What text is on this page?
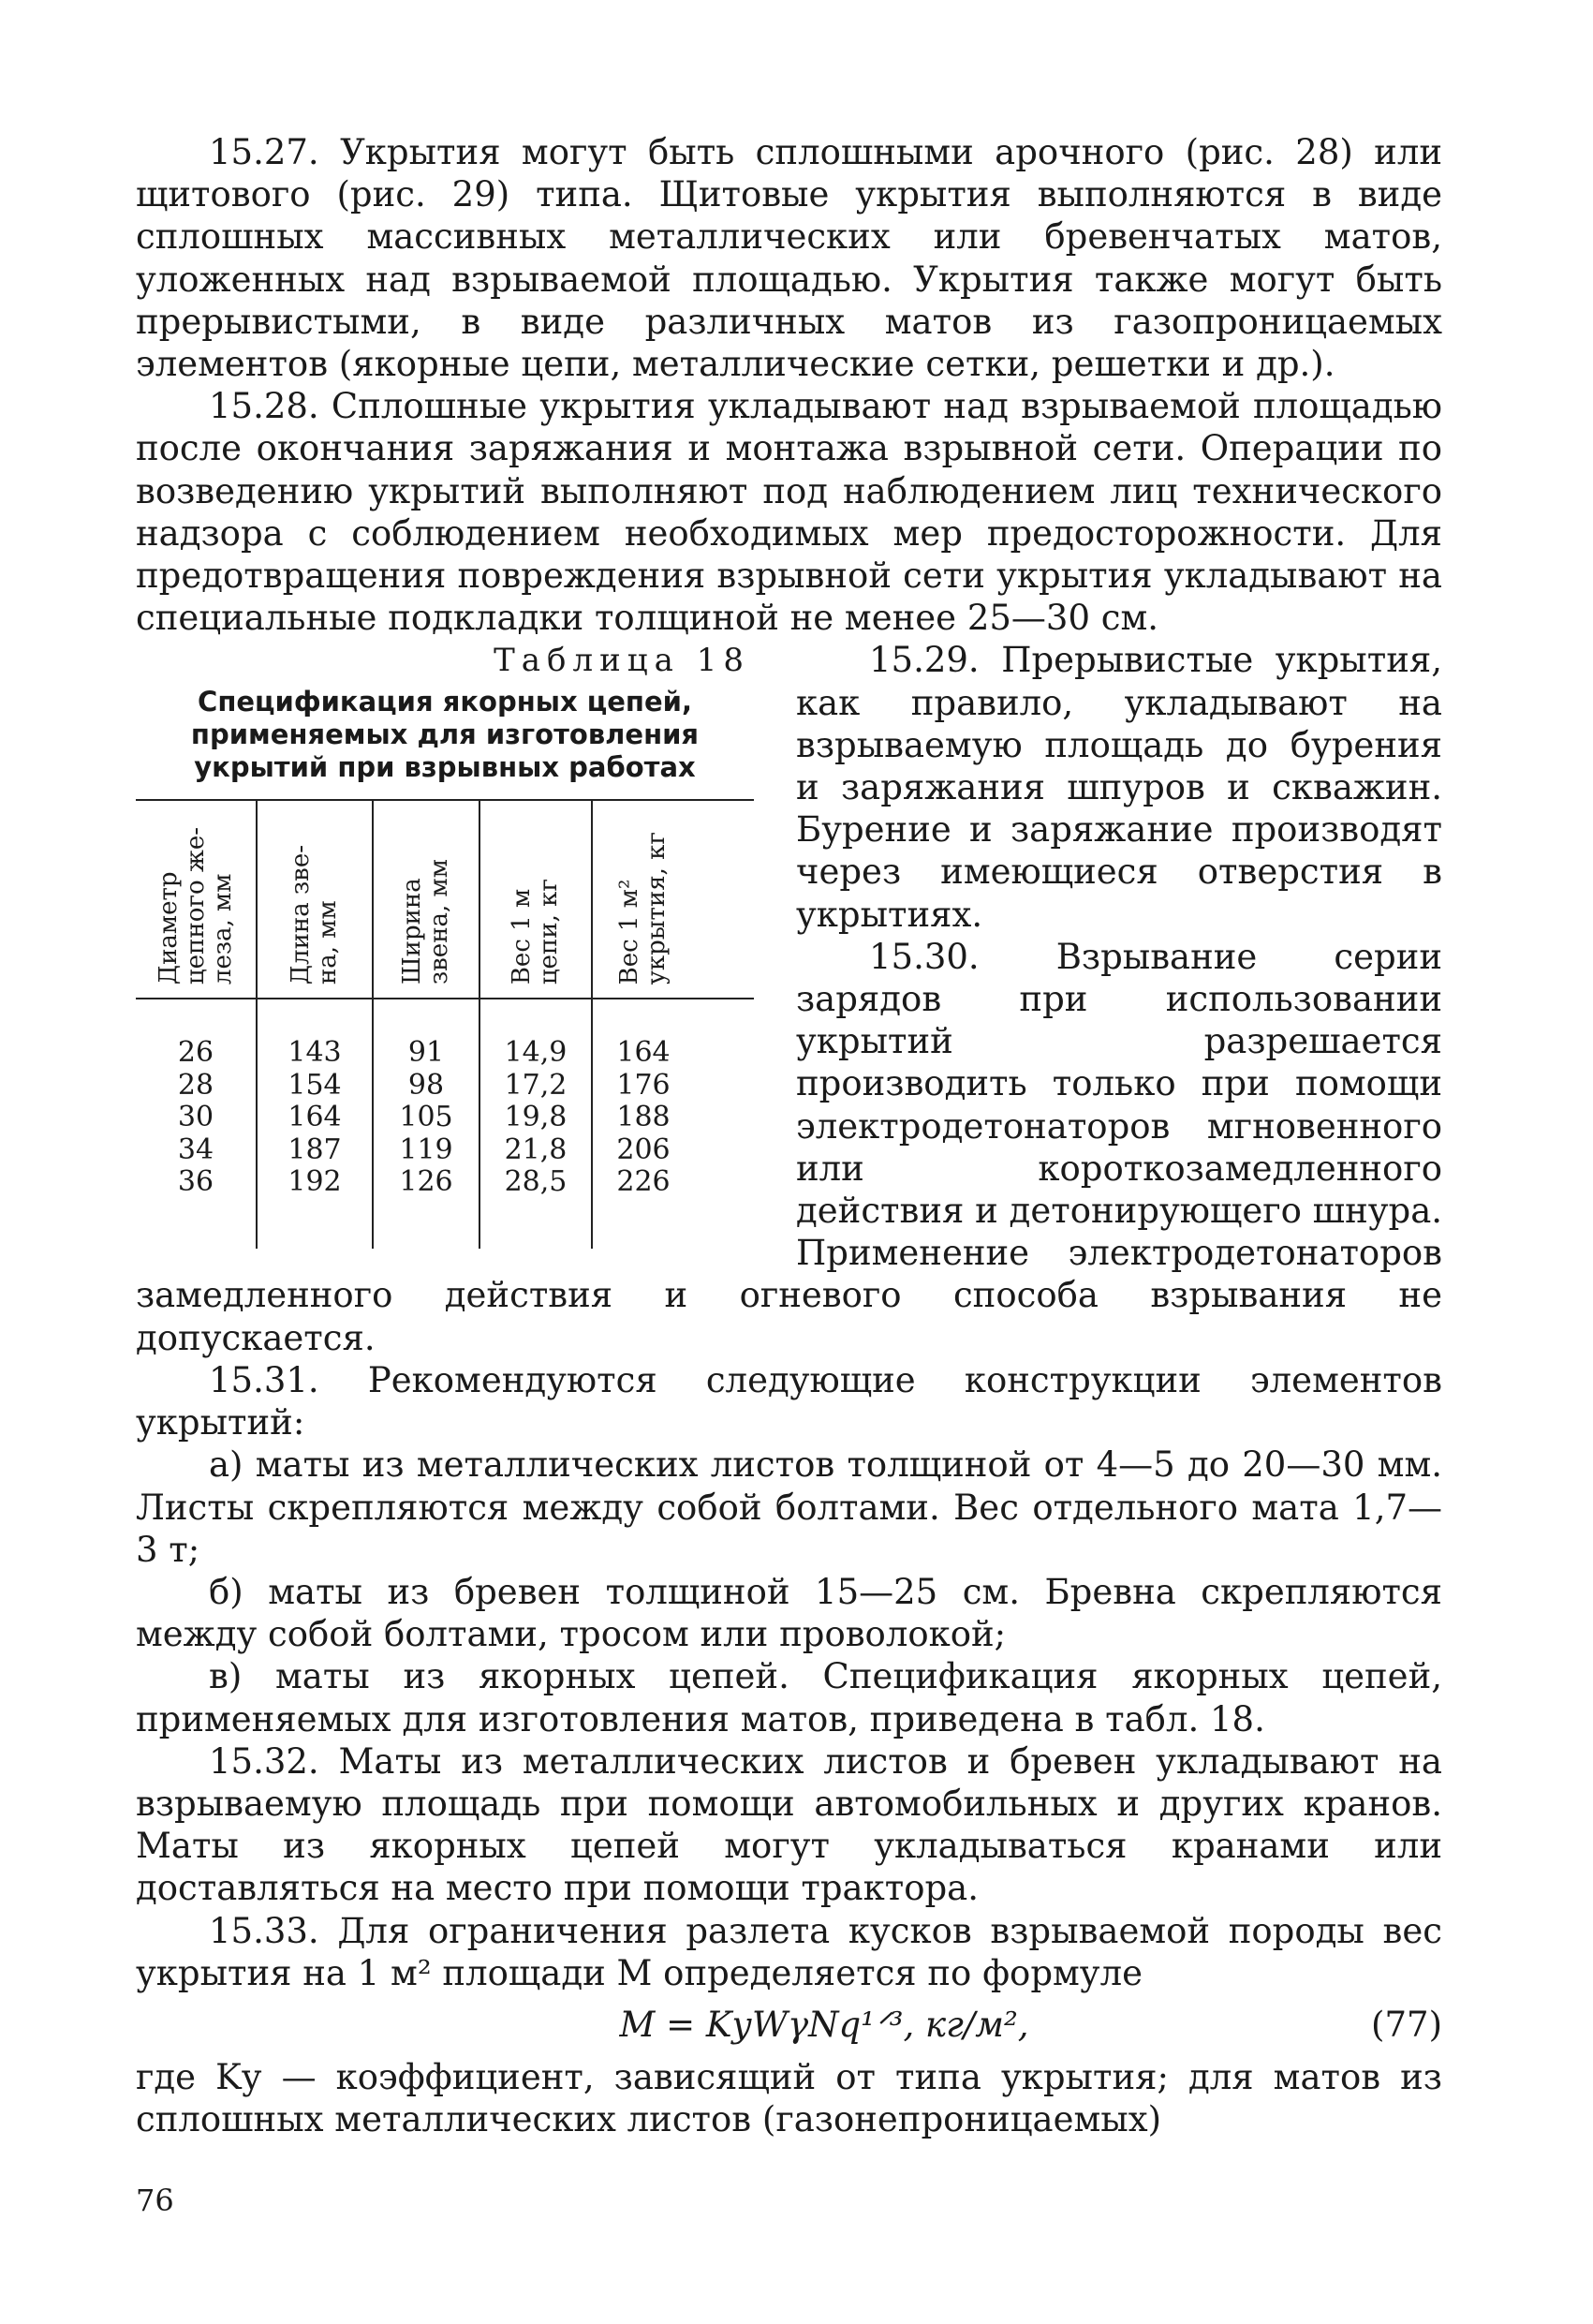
15.27. Укрытия могут быть сплошными арочного (рис. 28) или щитового (рис. 29) типа. Щитовые укрытия выполняются в виде сплошных массивных металлических или бревенчатых матов, уложенных над взрываемой площадью. Укрытия также могут быть прерывистыми, в виде различных матов из газопроницаемых элементов (якорные цепи, металлические сетки, решетки и др.).

15.28. Сплошные укрытия укладывают над взрываемой площадью после окончания заряжания и монтажа взрывной сети. Операции по возведению укрытий выполняют под наблюдением лиц технического надзора с соблюдением необходимых мер предосторожности. Для предотвращения повреждения взрывной сети укрытия укладывают на специальные подкладки толщиной не менее 25—30 см.

Таблица 18
Спецификация якорных цепей, применяемых для изготовления укрытий при взрывных работах
Диаметр
цепного же-
леза, мм
Длина зве-
на, мм Ширина
звена, мм
Вес 1 м
цепи, кг
Вес 1 м²
укрытия, кг
26
28
30
34
36
143
154
164
187
192
91
98
105
119
126
14,9
17,2
19,8
21,8
28,5
164
176
188
206
226

15.29. Прерывистые укрытия, как правило, укладывают на взрываемую площадь до бурения и заряжания шпуров и скважин. Бурение и заряжание производят через имеющиеся отверстия в укрытиях.

15.30. Взрывание серии зарядов при использовании укрытий разрешается производить только при помощи электродетонаторов мгновенного или короткозамедленного действия и детонирующего шнура. Применение электродетонаторов замедленного действия и огневого способа взрывания не допускается.

15.31. Рекомендуются следующие конструкции элементов укрытий:

а) маты из металлических листов толщиной от 4—5 до 20—30 мм. Листы скрепляются между собой болтами. Вес отдельного мата 1,7—3 т;

б) маты из бревен толщиной 15—25 см. Бревна скрепляются между собой болтами, тросом или проволокой;

в) маты из якорных цепей. Спецификация якорных цепей, применяемых для изготовления матов, приведена в табл. 18.

15.32. Маты из металлических листов и бревен укладывают на взрываемую площадь при помощи автомобильных и других кранов. Маты из якорных цепей могут укладываться кранами или доставляться на место при помощи трактора.

15.33. Для ограничения разлета кусков взрываемой породы вес укрытия на 1 м² площади M определяется по формуле

M = KуWγNq¹ᐟ³, кг/м²,	(77)

где Kу — коэффициент, зависящий от типа укрытия; для матов из сплошных металлических листов (газонепроницаемых)

76
